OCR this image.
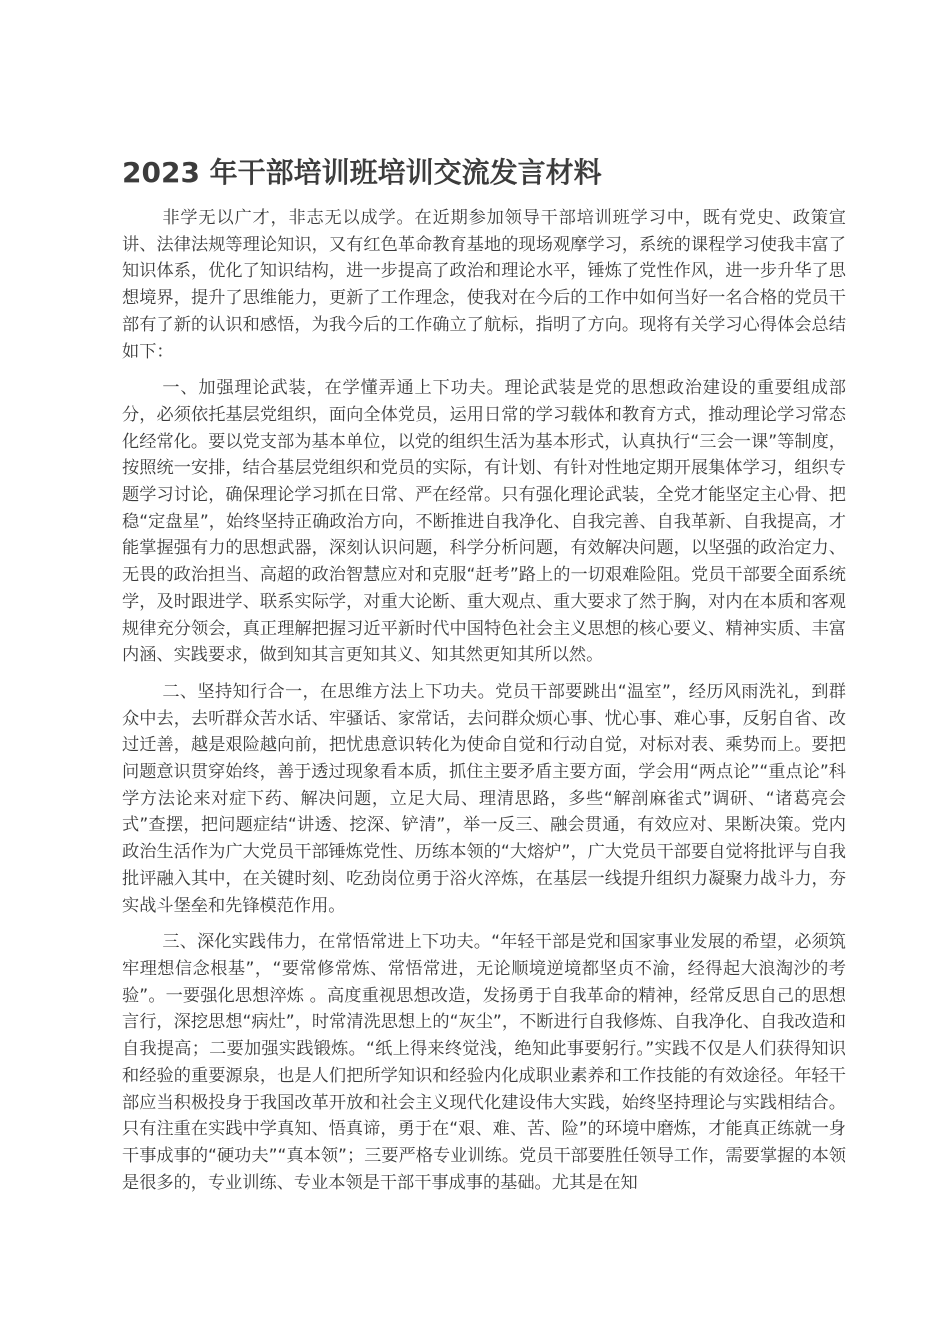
2023 年干部培训班培训交流发言材料

非学无以广才，非志无以成学。在近期参加领导干部培训班学习中，既有党史、政策宣讲、法律法规等理论知识，又有红色革命教育基地的现场观摩学习，系统的课程学习使我丰富了知识体系，优化了知识结构，进一步提高了政治和理论水平，锤炼了党性作风，进一步升华了思想境界，提升了思维能力，更新了工作理念，使我对在今后的工作中如何当好一名合格的党员干部有了新的认识和感悟，为我今后的工作确立了航标，指明了方向。现将有关学习心得体会总结如下：

一、加强理论武装，在学懂弄通上下功夫。理论武装是党的思想政治建设的重要组成部分，必须依托基层党组织，面向全体党员，运用日常的学习载体和教育方式，推动理论学习常态化经常化。要以党支部为基本单位，以党的组织生活为基本形式，认真执行“三会一课”等制度，按照统一安排，结合基层党组织和党员的实际，有计划、有针对性地定期开展集体学习，组织专题学习讨论，确保理论学习抓在日常、严在经常。只有强化理论武装，全党才能坚定主心骨、把稳“定盘星”，始终坚持正确政治方向，不断推进自我净化、自我完善、自我革新、自我提高，才能掌握强有力的思想武器，深刻认识问题，科学分析问题，有效解决问题，以坚强的政治定力、无畏的政治担当、高超的政治智慧应对和克服“赶考”路上的一切艰难险阻。党员干部要全面系统学，及时跟进学、联系实际学，对重大论断、重大观点、重大要求了然于胸，对内在本质和客观规律充分领会，真正理解把握习近平新时代中国特色社会主义思想的核心要义、精神实质、丰富内涵、实践要求，做到知其言更知其义、知其然更知其所以然。

二、坚持知行合一，在思维方法上下功夫。党员干部要跳出“温室”，经历风雨洗礼，到群众中去，去听群众苦水话、牢骚话、家常话，去问群众烦心事、忧心事、难心事，反躬自省、改过迁善，越是艰险越向前，把忧患意识转化为使命自觉和行动自觉，对标对表、乘势而上。要把问题意识贯穿始终，善于透过现象看本质，抓住主要矛盾主要方面，学会用“两点论”“重点论”科学方法论来对症下药、解决问题，立足大局、理清思路，多些“解剖麻雀式”调研、“诸葛亮会式”查摆，把问题症结“讲透、挖深、铲清”，举一反三、融会贯通，有效应对、果断决策。党内政治生活作为广大党员干部锤炼党性、历练本领的“大熔炉”，广大党员干部要自觉将批评与自我批评融入其中，在关键时刻、吃劲岗位勇于浴火淬炼，在基层一线提升组织力凝聚力战斗力，夯实战斗堡垒和先锋模范作用。

三、深化实践伟力，在常悟常进上下功夫。“年轻干部是党和国家事业发展的希望，必须筑牢理想信念根基”，“要常修常炼、常悟常进，无论顺境逆境都坚贞不渝，经得起大浪淘沙的考验”。一要强化思想淬炼 。高度重视思想改造，发扬勇于自我革命的精神，经常反思自己的思想言行，深挖思想“病灶”，时常清洗思想上的“灰尘”，不断进行自我修炼、自我净化、自我改造和自我提高；二要加强实践锻炼。“纸上得来终觉浅，绝知此事要躬行。”实践不仅是人们获得知识和经验的重要源泉，也是人们把所学知识和经验内化成职业素养和工作技能的有效途径。年轻干部应当积极投身于我国改革开放和社会主义现代化建设伟大实践，始终坚持理论与实践相结合。只有注重在实践中学真知、悟真谛，勇于在“艰、难、苦、险”的环境中磨炼，才能真正练就一身干事成事的“硬功夫”“真本领”；三要严格专业训练。党员干部要胜任领导工作，需要掌握的本领是很多的，专业训练、专业本领是干部干事成事的基础。尤其是在知
